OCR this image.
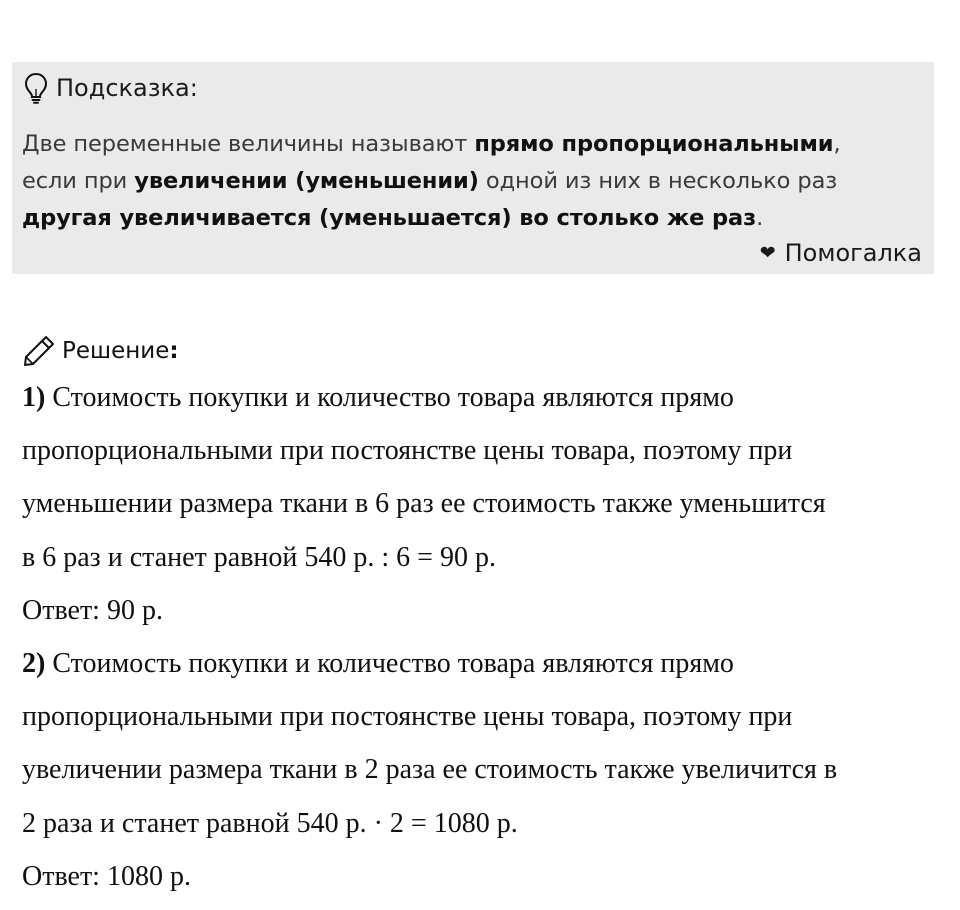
Подсказка:
Две переменные величины называют прямо пропорциональными,
если при увеличении (уменьшении) одной из них в несколько раз
другая увеличивается (уменьшается) во столько же раз.
❤ Помогалка
Решение:

1) Стоимость покупки и количество товара являются прямо

пропорциональными при постоянстве цены товара, поэтому при

уменьшении размера ткани в 6 раз ее стоимость также уменьшится

в 6 раз и станет равной 540 р. : 6 = 90 р.

Ответ: 90 р.

2) Стоимость покупки и количество товара являются прямо

пропорциональными при постоянстве цены товара, поэтому при

увеличении размера ткани в 2 раза ее стоимость также увеличится в

2 раза и станет равной 540 р. · 2 = 1080 р.

Ответ: 1080 р.
